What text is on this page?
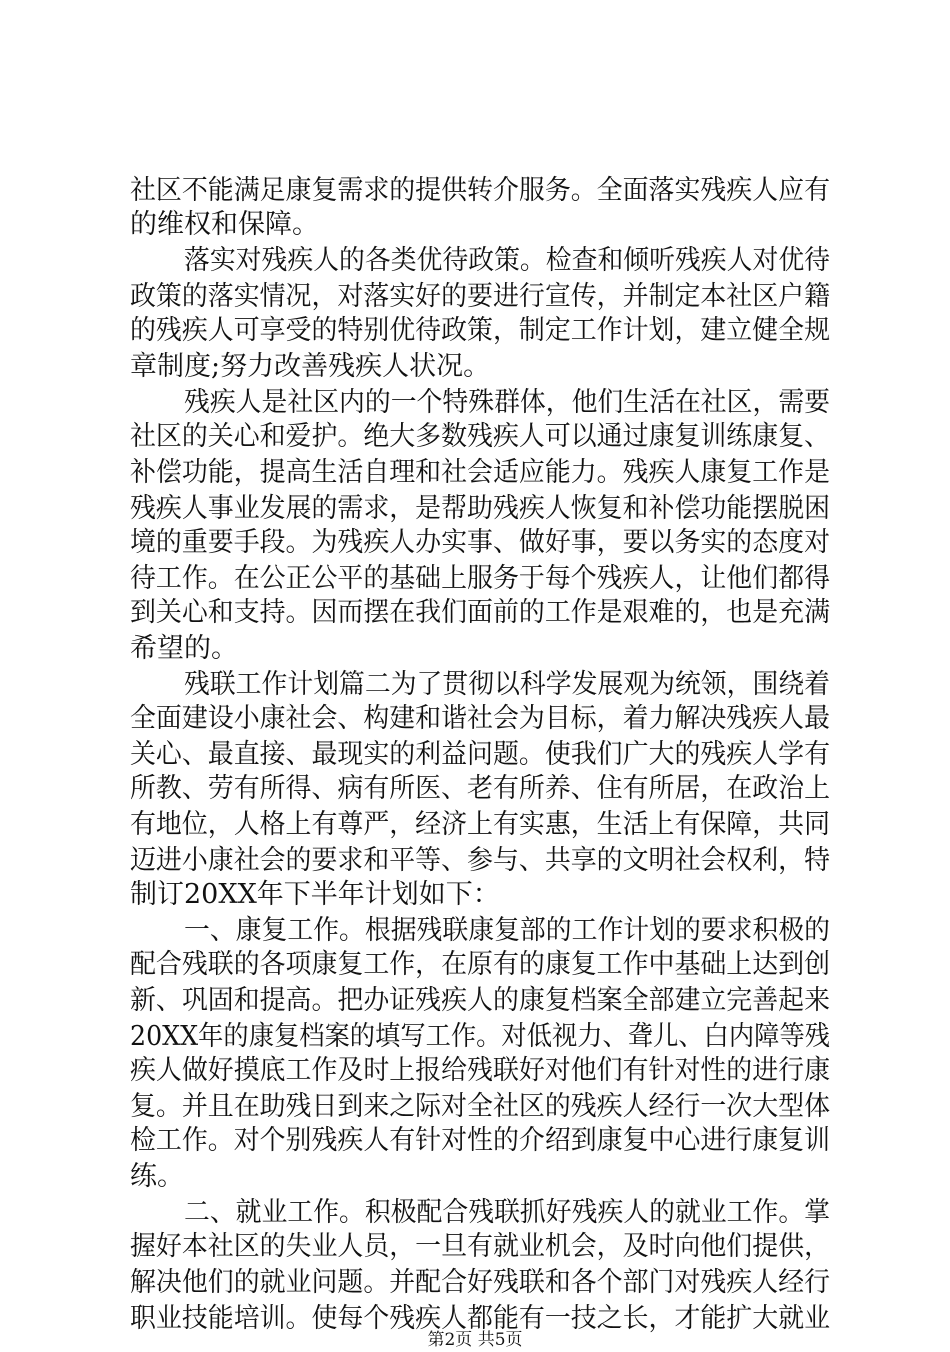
社区不能满足康复需求的提供转介服务。全面落实残疾人应有
的维权和保障。
落实对残疾人的各类优待政策。检查和倾听残疾人对优待
政策的落实情况，对落实好的要进行宣传，并制定本社区户籍
的残疾人可享受的特别优待政策，制定工作计划，建立健全规
章制度;努力改善残疾人状况。
残疾人是社区内的一个特殊群体，他们生活在社区，需要
社区的关心和爱护。绝大多数残疾人可以通过康复训练康复、
补偿功能，提高生活自理和社会适应能力。残疾人康复工作是
残疾人事业发展的需求，是帮助残疾人恢复和补偿功能摆脱困
境的重要手段。为残疾人办实事、做好事，要以务实的态度对
待工作。在公正公平的基础上服务于每个残疾人，让他们都得
到关心和支持。因而摆在我们面前的工作是艰难的，也是充满
希望的。
残联工作计划篇二为了贯彻以科学发展观为统领，围绕着
全面建设小康社会、构建和谐社会为目标，着力解决残疾人最
关心、最直接、最现实的利益问题。使我们广大的残疾人学有
所教、劳有所得、病有所医、老有所养、住有所居，在政治上
有地位，人格上有尊严，经济上有实惠，生活上有保障，共同
迈进小康社会的要求和平等、参与、共享的文明社会权利，特
制订20XX年下半年计划如下：
一、康复工作。根据残联康复部的工作计划的要求积极的
配合残联的各项康复工作，在原有的康复工作中基础上达到创
新、巩固和提高。把办证残疾人的康复档案全部建立完善起来
20XX年的康复档案的填写工作。对低视力、聋儿、白内障等残
疾人做好摸底工作及时上报给残联好对他们有针对性的进行康
复。并且在助残日到来之际对全社区的残疾人经行一次大型体
检工作。对个别残疾人有针对性的介绍到康复中心进行康复训
练。
二、就业工作。积极配合残联抓好残疾人的就业工作。掌
握好本社区的失业人员，一旦有就业机会，及时向他们提供，
解决他们的就业问题。并配合好残联和各个部门对残疾人经行
职业技能培训。使每个残疾人都能有一技之长，才能扩大就业
第2页 共5页
